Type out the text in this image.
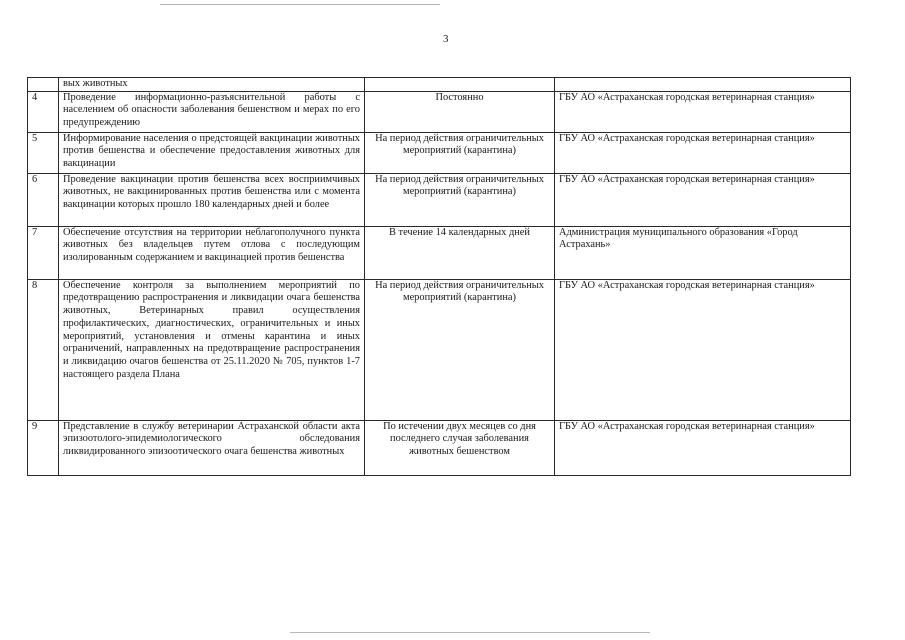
3
	вых животных		
4	Проведение информационно-разъяснительной работы с населением об опасности заболевания бешенством и мерах по его предупреждению	Постоянно	ГБУ АО «Астраханская городская ветеринарная станция»
5	Информирование населения о предстоящей вакцинации животных против бешенства и обеспечение предоставления животных для вакцинации	На период действия ограничительных мероприятий (карантина)	ГБУ АО «Астраханская городская ветеринарная станция»
6	Проведение вакцинации против бешенства всех восприимчивых животных, не вакцинированных против бешенства или с момента вакцинации которых прошло 180 календарных дней и более	На период действия ограничительных мероприятий (карантина)	ГБУ АО «Астраханская городская ветеринарная станция»
7	Обеспечение отсутствия на территории неблагополучного пункта животных без владельцев путем отлова с последующим изолированным содержанием и вакцинацией против бешенства	В течение 14 календарных дней	Администрация муниципального образования «Город Астрахань»
8	Обеспечение контроля за выполнением мероприятий по предотвращению распространения и ликвидации очага бешенства животных, Ветеринарных правил осуществления профилактических, диагностических, ограничительных и иных мероприятий, установления и отмены карантина и иных ограничений, направленных на предотвращение распространения и ликвидацию очагов бешенства от 25.11.2020 № 705, пунктов 1-7 настоящего раздела Плана	На период действия ограничительных мероприятий (карантина)	ГБУ АО «Астраханская городская ветеринарная станция»
9	Представление в службу ветеринарии Астраханской области акта эпизоотолого-эпидемиологического обследования ликвидированного эпизоотического очага бешенства животных	По истечении двух месяцев со дня последнего случая заболевания животных бешенством	ГБУ АО «Астраханская городская ветеринарная станция»
